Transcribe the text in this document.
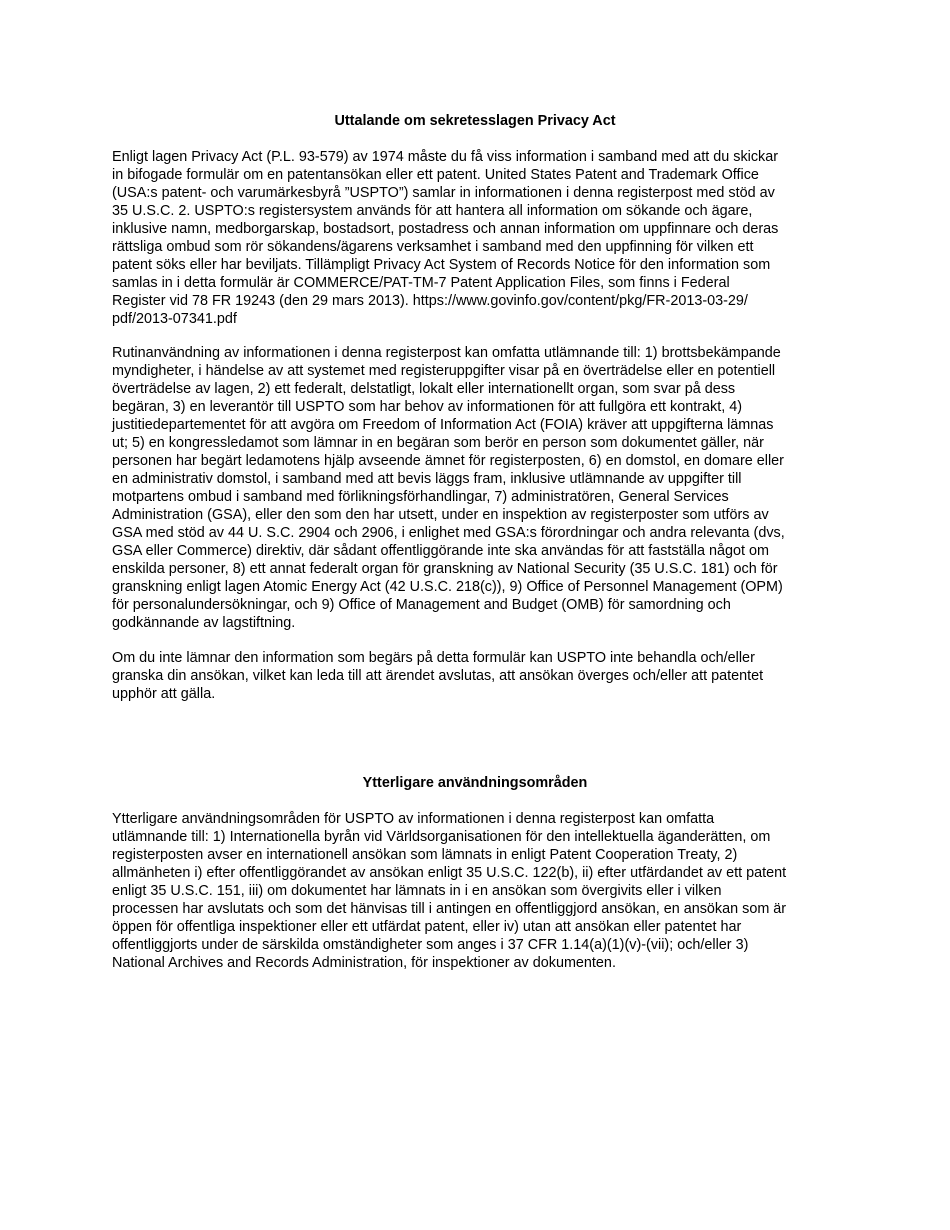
Uttalande om sekretesslagen Privacy Act

Enligt lagen Privacy Act (P.L. 93-579) av 1974 måste du få viss information i samband med att du skickar
in bifogade formulär om en patentansökan eller ett patent. United States Patent and Trademark Office
(USA:s patent- och varumärkesbyrå ”USPTO”) samlar in informationen i denna registerpost med stöd av
35 U.S.C. 2. USPTO:s registersystem används för att hantera all information om sökande och ägare,
inklusive namn, medborgarskap, bostadsort, postadress och annan information om uppfinnare och deras
rättsliga ombud som rör sökandens/ägarens verksamhet i samband med den uppfinning för vilken ett
patent söks eller har beviljats. Tillämpligt Privacy Act System of Records Notice för den information som
samlas in i detta formulär är COMMERCE/PAT-TM-7 Patent Application Files, som finns i Federal
Register vid 78 FR 19243 (den 29 mars 2013). https://www.govinfo.gov/content/pkg/FR-2013-03-29/
pdf/2013-07341.pdf

Rutinanvändning av informationen i denna registerpost kan omfatta utlämnande till: 1) brottsbekämpande
myndigheter, i händelse av att systemet med registeruppgifter visar på en överträdelse eller en potentiell
överträdelse av lagen, 2) ett federalt, delstatligt, lokalt eller internationellt organ, som svar på dess
begäran, 3) en leverantör till USPTO som har behov av informationen för att fullgöra ett kontrakt, 4)
justitiedepartementet för att avgöra om Freedom of Information Act (FOIA) kräver att uppgifterna lämnas
ut; 5) en kongressledamot som lämnar in en begäran som berör en person som dokumentet gäller, när
personen har begärt ledamotens hjälp avseende ämnet för registerposten, 6) en domstol, en domare eller
en administrativ domstol, i samband med att bevis läggs fram, inklusive utlämnande av uppgifter till
motpartens ombud i samband med förlikningsförhandlingar, 7) administratören, General Services
Administration (GSA), eller den som den har utsett, under en inspektion av registerposter som utförs av
GSA med stöd av 44 U. S.C. 2904 och 2906, i enlighet med GSA:s förordningar och andra relevanta (dvs,
GSA eller Commerce) direktiv, där sådant offentliggörande inte ska användas för att fastställa något om
enskilda personer, 8) ett annat federalt organ för granskning av National Security (35 U.S.C. 181) och för
granskning enligt lagen Atomic Energy Act (42 U.S.C. 218(c)), 9) Office of Personnel Management (OPM)
för personalundersökningar, och 9) Office of Management and Budget (OMB) för samordning och
godkännande av lagstiftning.

Om du inte lämnar den information som begärs på detta formulär kan USPTO inte behandla och/eller
granska din ansökan, vilket kan leda till att ärendet avslutas, att ansökan överges och/eller att patentet
upphör att gälla.

Ytterligare användningsområden

Ytterligare användningsområden för USPTO av informationen i denna registerpost kan omfatta
utlämnande till: 1) Internationella byrån vid Världsorganisationen för den intellektuella äganderätten, om
registerposten avser en internationell ansökan som lämnats in enligt Patent Cooperation Treaty, 2)
allmänheten i) efter offentliggörandet av ansökan enligt 35 U.S.C. 122(b), ii) efter utfärdandet av ett patent
enligt 35 U.S.C. 151, iii) om dokumentet har lämnats in i en ansökan som övergivits eller i vilken
processen har avslutats och som det hänvisas till i antingen en offentliggjord ansökan, en ansökan som är
öppen för offentliga inspektioner eller ett utfärdat patent, eller iv) utan att ansökan eller patentet har
offentliggjorts under de särskilda omständigheter som anges i 37 CFR 1.14(a)(1)(v)-(vii); och/eller 3)
National Archives and Records Administration, för inspektioner av dokumenten.
